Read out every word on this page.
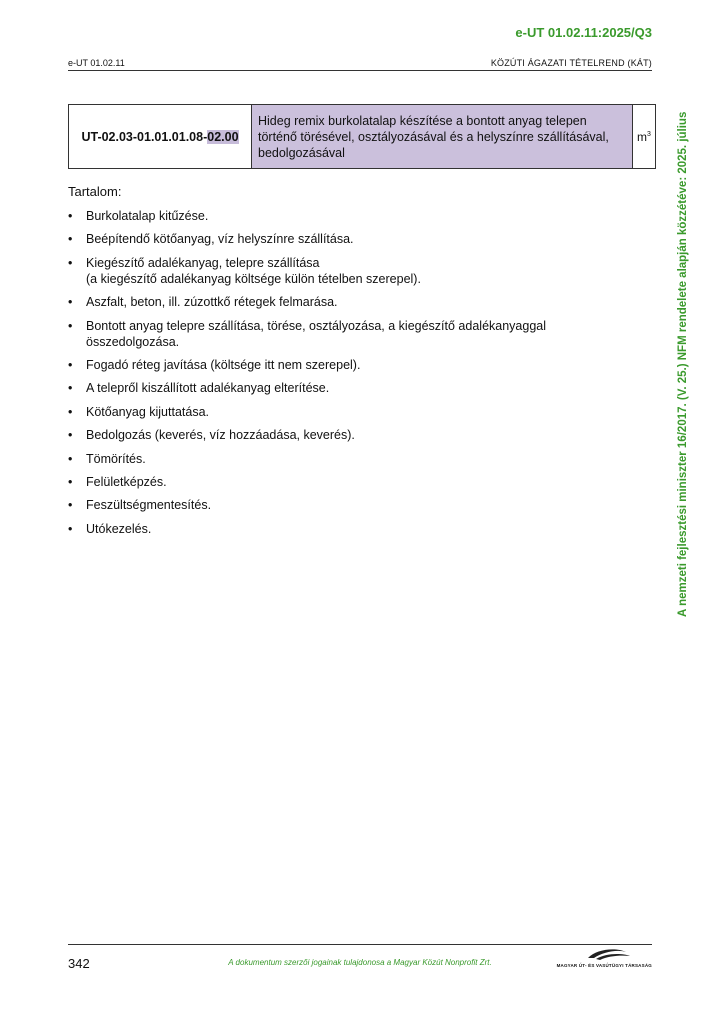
e-UT 01.02.11:2025/Q3
e-UT 01.02.11	KÖZÚTI ÁGAZATI TÉTELREND (KÁT)
UT-02.03-01.01.01.08-02.00	Hideg remix burkolatalap készítése a bontott anyag telepen történő törésével, osztályozásával és a helyszínre szállításával, bedolgozásával	$m^3$
Tartalom:
• Burkolatalap kitűzése.
• Beépítendő kötőanyag, víz helyszínre szállítása.
• Kiegészítő adalékanyag, telepre szállítása
(a kiegészítő adalékanyag költsége külön tételben szerepel).
• Aszfalt, beton, ill. zúzottkő rétegek felmarása.
• Bontott anyag telepre szállítása, törése, osztályozása, a kiegészítő adalékanyaggal
összedolgozása.
• Fogadó réteg javítása (költsége itt nem szerepel).
• A telepről kiszállított adalékanyag elterítése.
• Kötőanyag kijuttatása.
• Bedolgozás (keverés, víz hozzáadása, keverés).
• Tömörítés.
• Felületképzés.
• Feszültségmentesítés.
• Utókezelés.	A nemzeti fejlesztési miniszter 16/2017. (V. 25.) NFM rendelete alapján közzétéve: 2025. július
342	A dokumentum szerzői jogainak tulajdonosa a Magyar Közút Nonprofit Zrt.	MAGYAR ÚT- ÉS VASÚTÜGYI TÁRSASÁG
